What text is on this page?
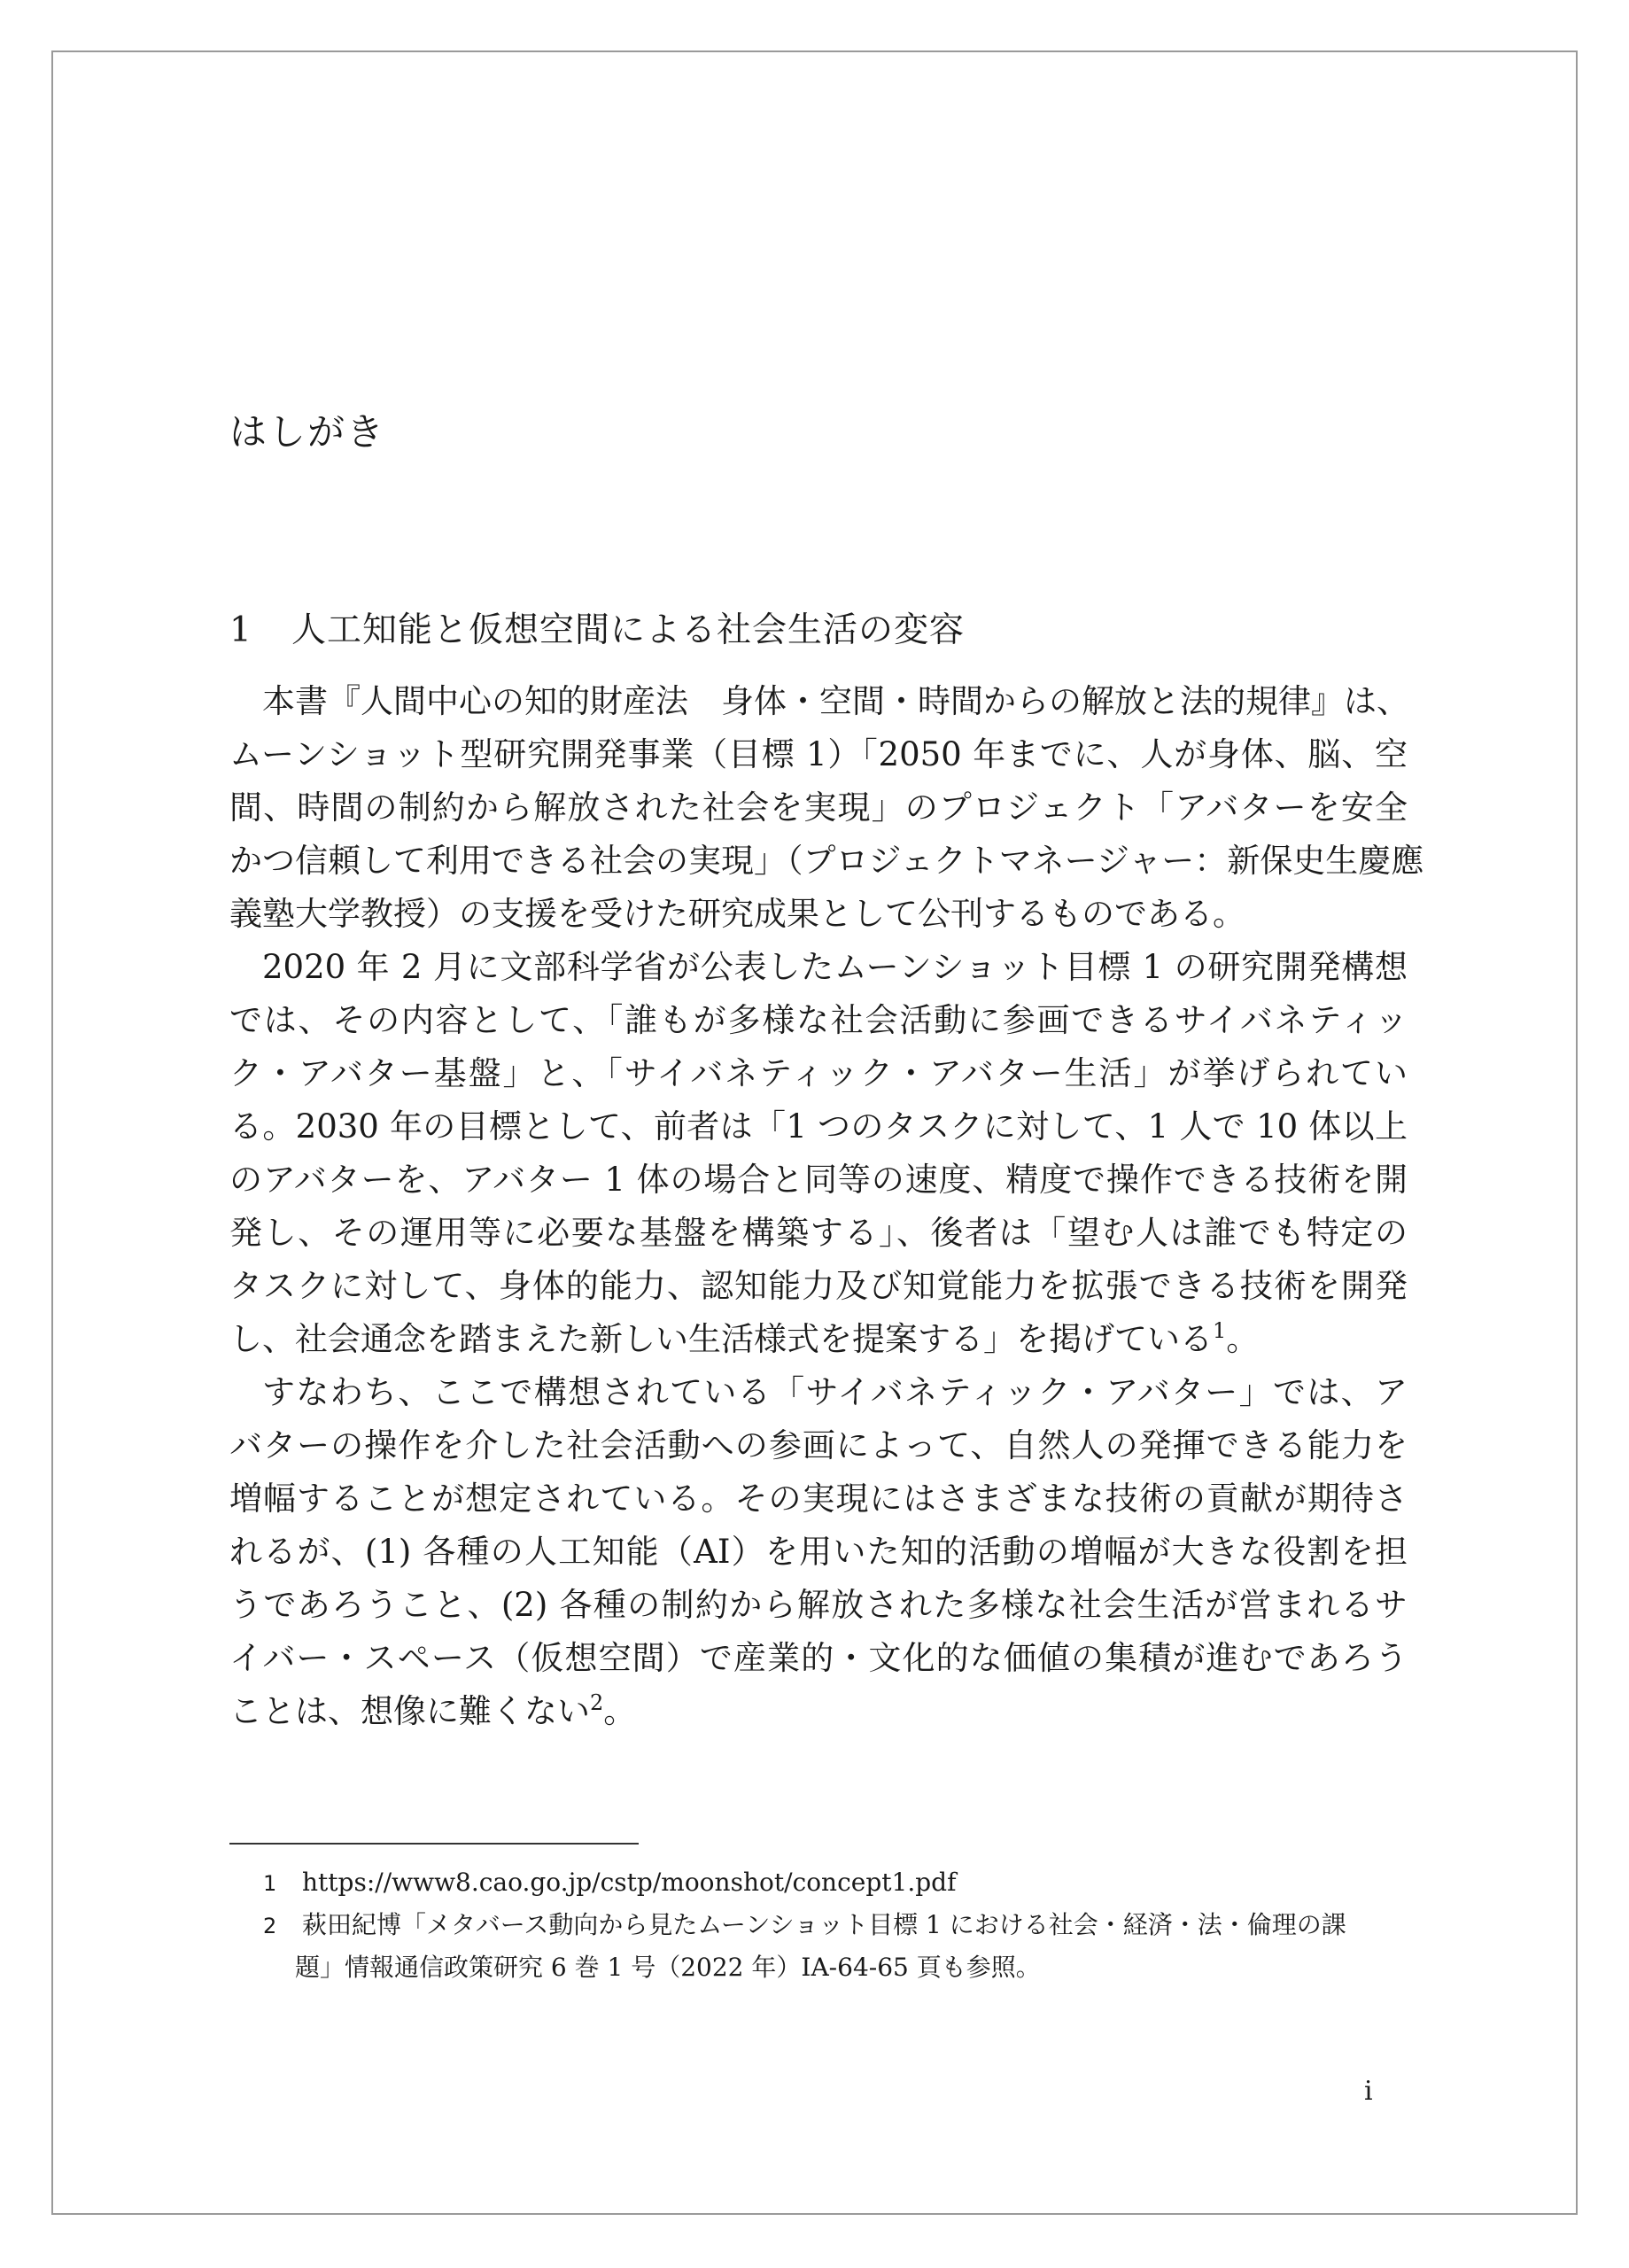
はしがき
1 人工知能と仮想空間による社会生活の変容
本書『人間中心の知的財産法　身体・空間・時間からの解放と法的規律』は、
ムーンショット型研究開発事業（目標 1）「2050 年までに、人が身体、脳、空
間、時間の制約から解放された社会を実現」のプロジェクト「アバターを安全
かつ信頼して利用できる社会の実現」（プロジェクトマネージャー：新保史生慶應
義塾大学教授）の支援を受けた研究成果として公刊するものである。
2020 年 2 月に文部科学省が公表したムーンショット目標 1 の研究開発構想
では、その内容として、「誰もが多様な社会活動に参画できるサイバネティッ
ク・アバター基盤」と、「サイバネティック・アバター生活」が挙げられてい
る。2030 年の目標として、前者は「1 つのタスクに対して、1 人で 10 体以上
のアバターを、アバター 1 体の場合と同等の速度、精度で操作できる技術を開
発し、その運用等に必要な基盤を構築する」、後者は「望む人は誰でも特定の
タスクに対して、身体的能力、認知能力及び知覚能力を拡張できる技術を開発
し、社会通念を踏まえた新しい生活様式を提案する」を掲げている$^1$。
すなわち、ここで構想されている「サイバネティック・アバター」では、ア
バターの操作を介した社会活動への参画によって、自然人の発揮できる能力を
増幅することが想定されている。その実現にはさまざまな技術の貢献が期待さ
れるが、(1) 各種の人工知能（AI）を用いた知的活動の増幅が大きな役割を担
うであろうこと、(2) 各種の制約から解放された多様な社会生活が営まれるサ
イバー・スペース（仮想空間）で産業的・文化的な価値の集積が進むであろう
ことは、想像に難くない$^2$。
1 https://www8.cao.go.jp/cstp/moonshot/concept1.pdf
2 萩田紀博「メタバース動向から見たムーンショット目標 1 における社会・経済・法・倫理の課
題」情報通信政策研究 6 巻 1 号（2022 年）IA-64-65 頁も参照。
i
